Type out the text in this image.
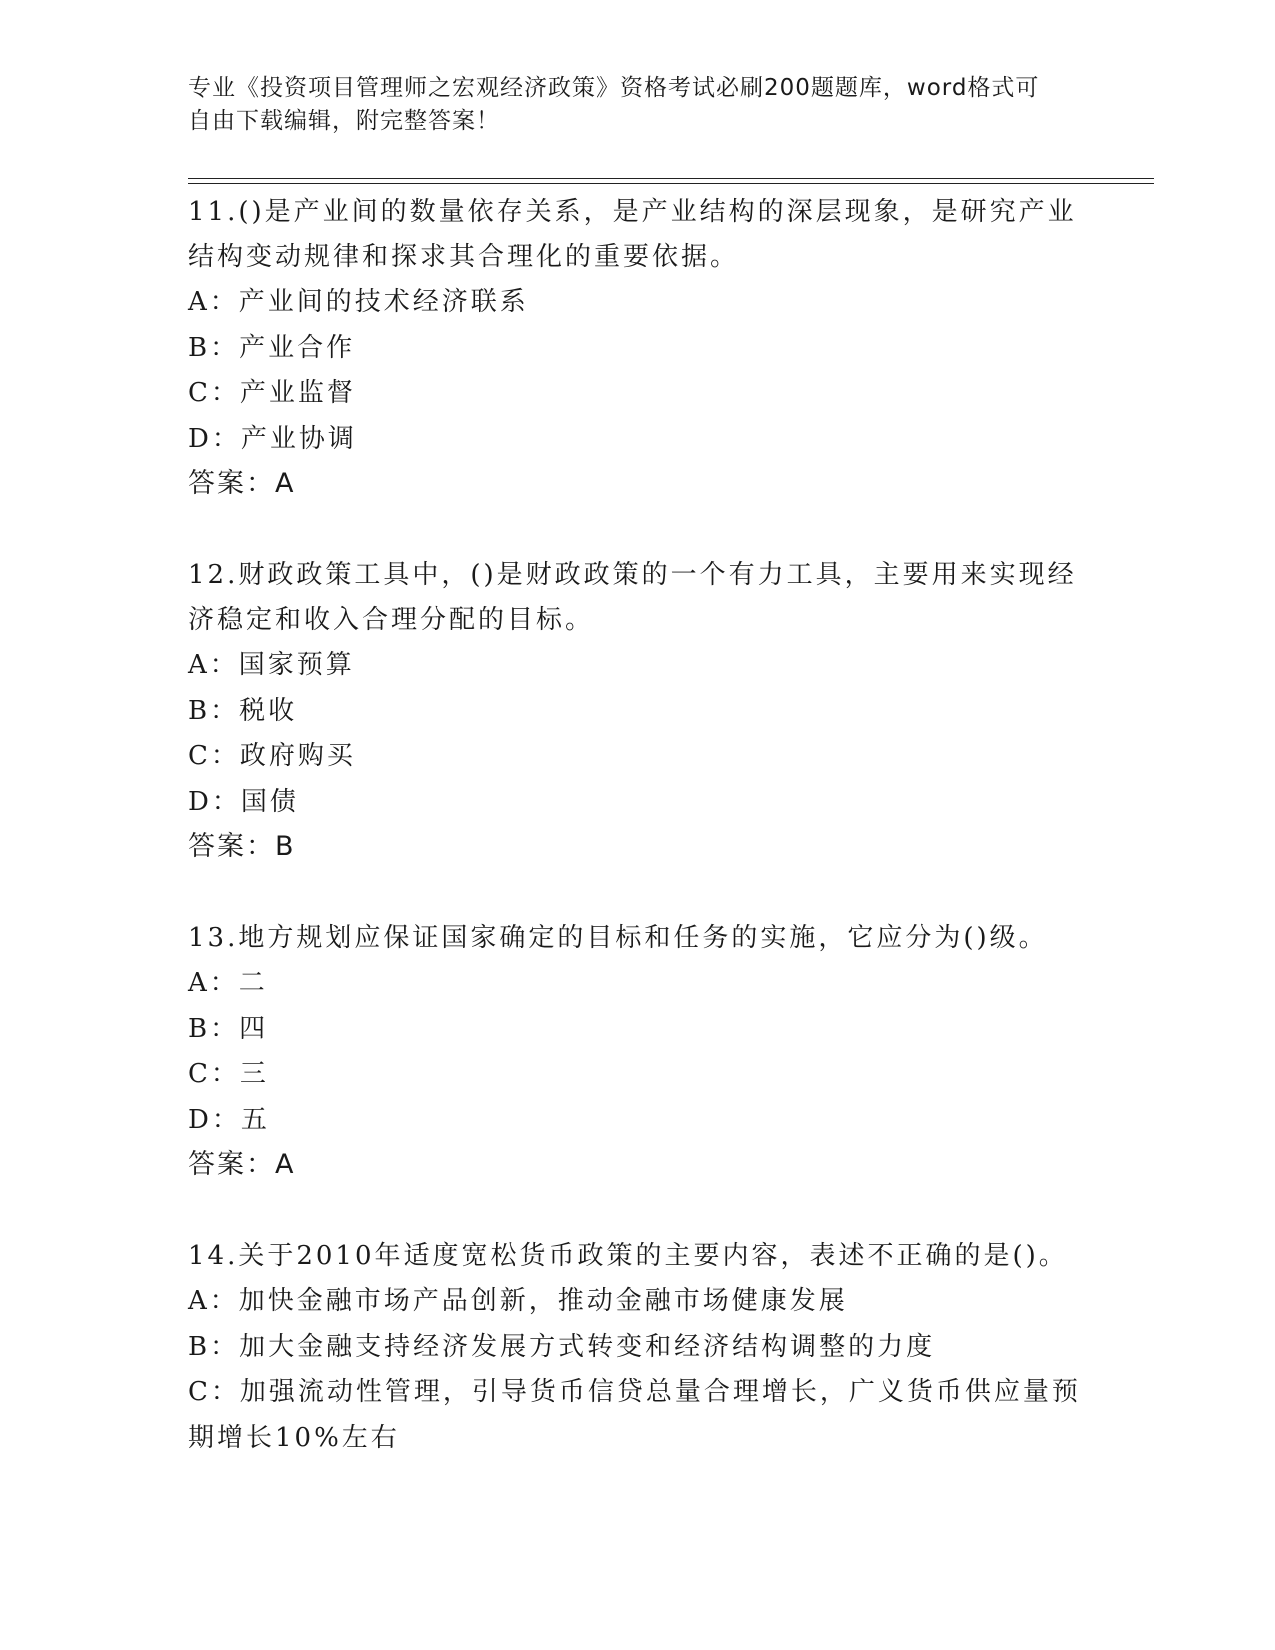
专业《投资项目管理师之宏观经济政策》资格考试必刷200题题库，word格式可
自由下载编辑，附完整答案！

11.()是产业间的数量依存关系，是产业结构的深层现象，是研究产业

结构变动规律和探求其合理化的重要依据。

A：产业间的技术经济联系

B：产业合作

C：产业监督

D：产业协调

答案：A

12.财政政策工具中，()是财政政策的一个有力工具，主要用来实现经

济稳定和收入合理分配的目标。

A：国家预算

B：税收

C：政府购买

D：国债

答案：B

13.地方规划应保证国家确定的目标和任务的实施，它应分为()级。

A：二

B：四

C：三

D：五

答案：A

14.关于2010年适度宽松货币政策的主要内容，表述不正确的是()。

A：加快金融市场产品创新，推动金融市场健康发展

B：加大金融支持经济发展方式转变和经济结构调整的力度

C：加强流动性管理，引导货币信贷总量合理增长，广义货币供应量预

期增长10%左右
